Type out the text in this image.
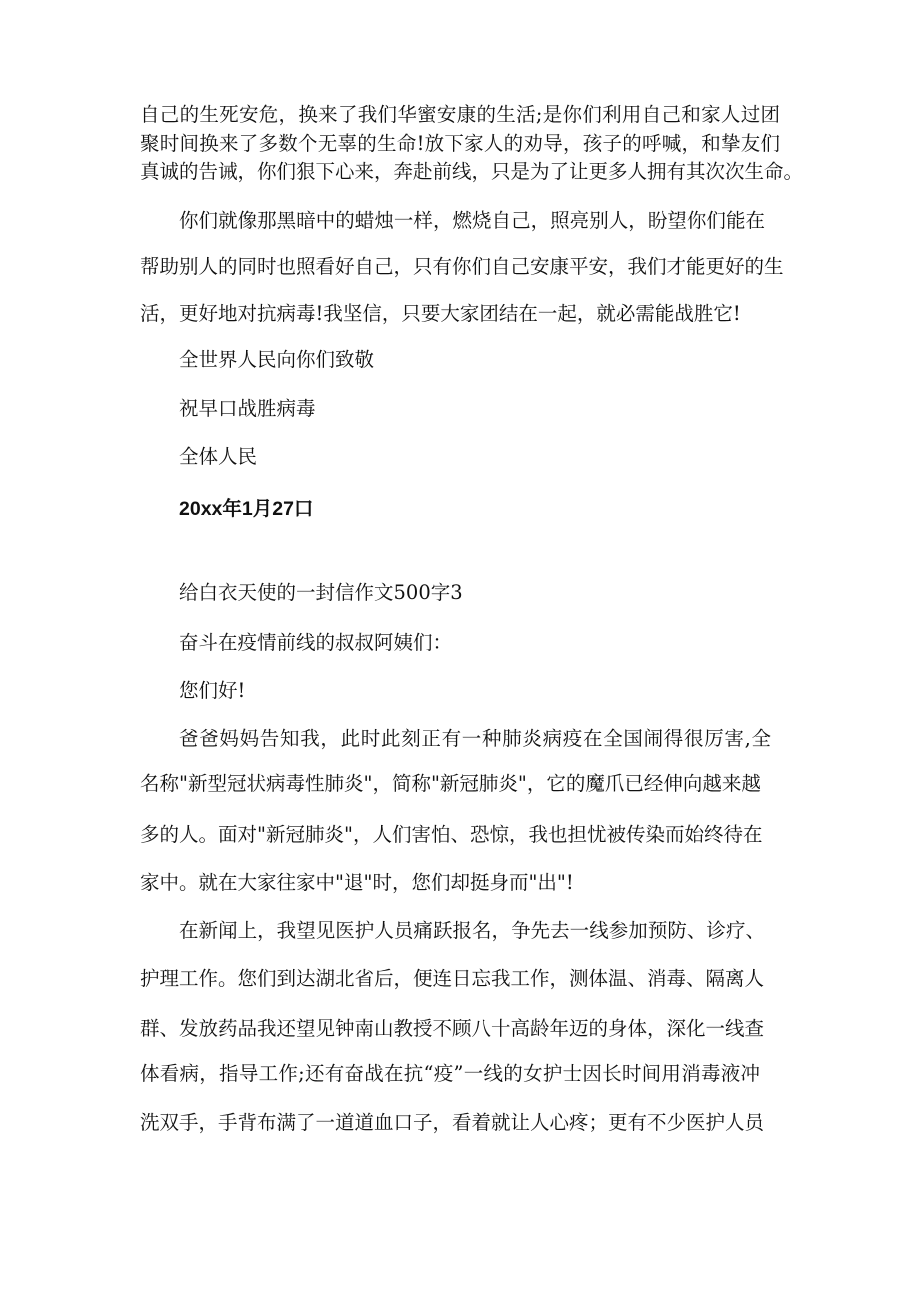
自己的生死安危，换来了我们华蜜安康的生活;是你们利用自己和家人过团

聚时间换来了多数个无辜的生命!放下家人的劝导，孩子的呼喊，和挚友们

真诚的告诫，你们狠下心来，奔赴前线，只是为了让更多人拥有其次次生命。

你们就像那黑暗中的蜡烛一样，燃烧自己，照亮别人，盼望你们能在

帮助别人的同时也照看好自己，只有你们自己安康平安，我们才能更好的生

活，更好地对抗病毒!我坚信，只要大家团结在一起，就必需能战胜它!

全世界人民向你们致敬

祝早口战胜病毒

全体人民

20xx年1月27口

给白衣天使的一封信作文500字3

奋斗在疫情前线的叔叔阿姨们：

您们好!

爸爸妈妈告知我，此时此刻正有一种肺炎病疫在全国闹得很厉害,全

名称"新型冠状病毒性肺炎"，简称"新冠肺炎"，它的魔爪已经伸向越来越

多的人。面对"新冠肺炎"，人们害怕、恐惊，我也担忧被传染而始终待在

家中。就在大家往家中"退"时，您们却挺身而"出"!

在新闻上，我望见医护人员痛跃报名，争先去一线参加预防、诊疗、

护理工作。您们到达湖北省后，便连日忘我工作，测体温、消毒、隔离人

群、发放药品我还望见钟南山教授不顾八十高龄年迈的身体，深化一线查

体看病，指导工作;还有奋战在抗“疫”一线的女护士因长时间用消毒液冲

洗双手，手背布满了一道道血口子，看着就让人心疼；更有不少医护人员
